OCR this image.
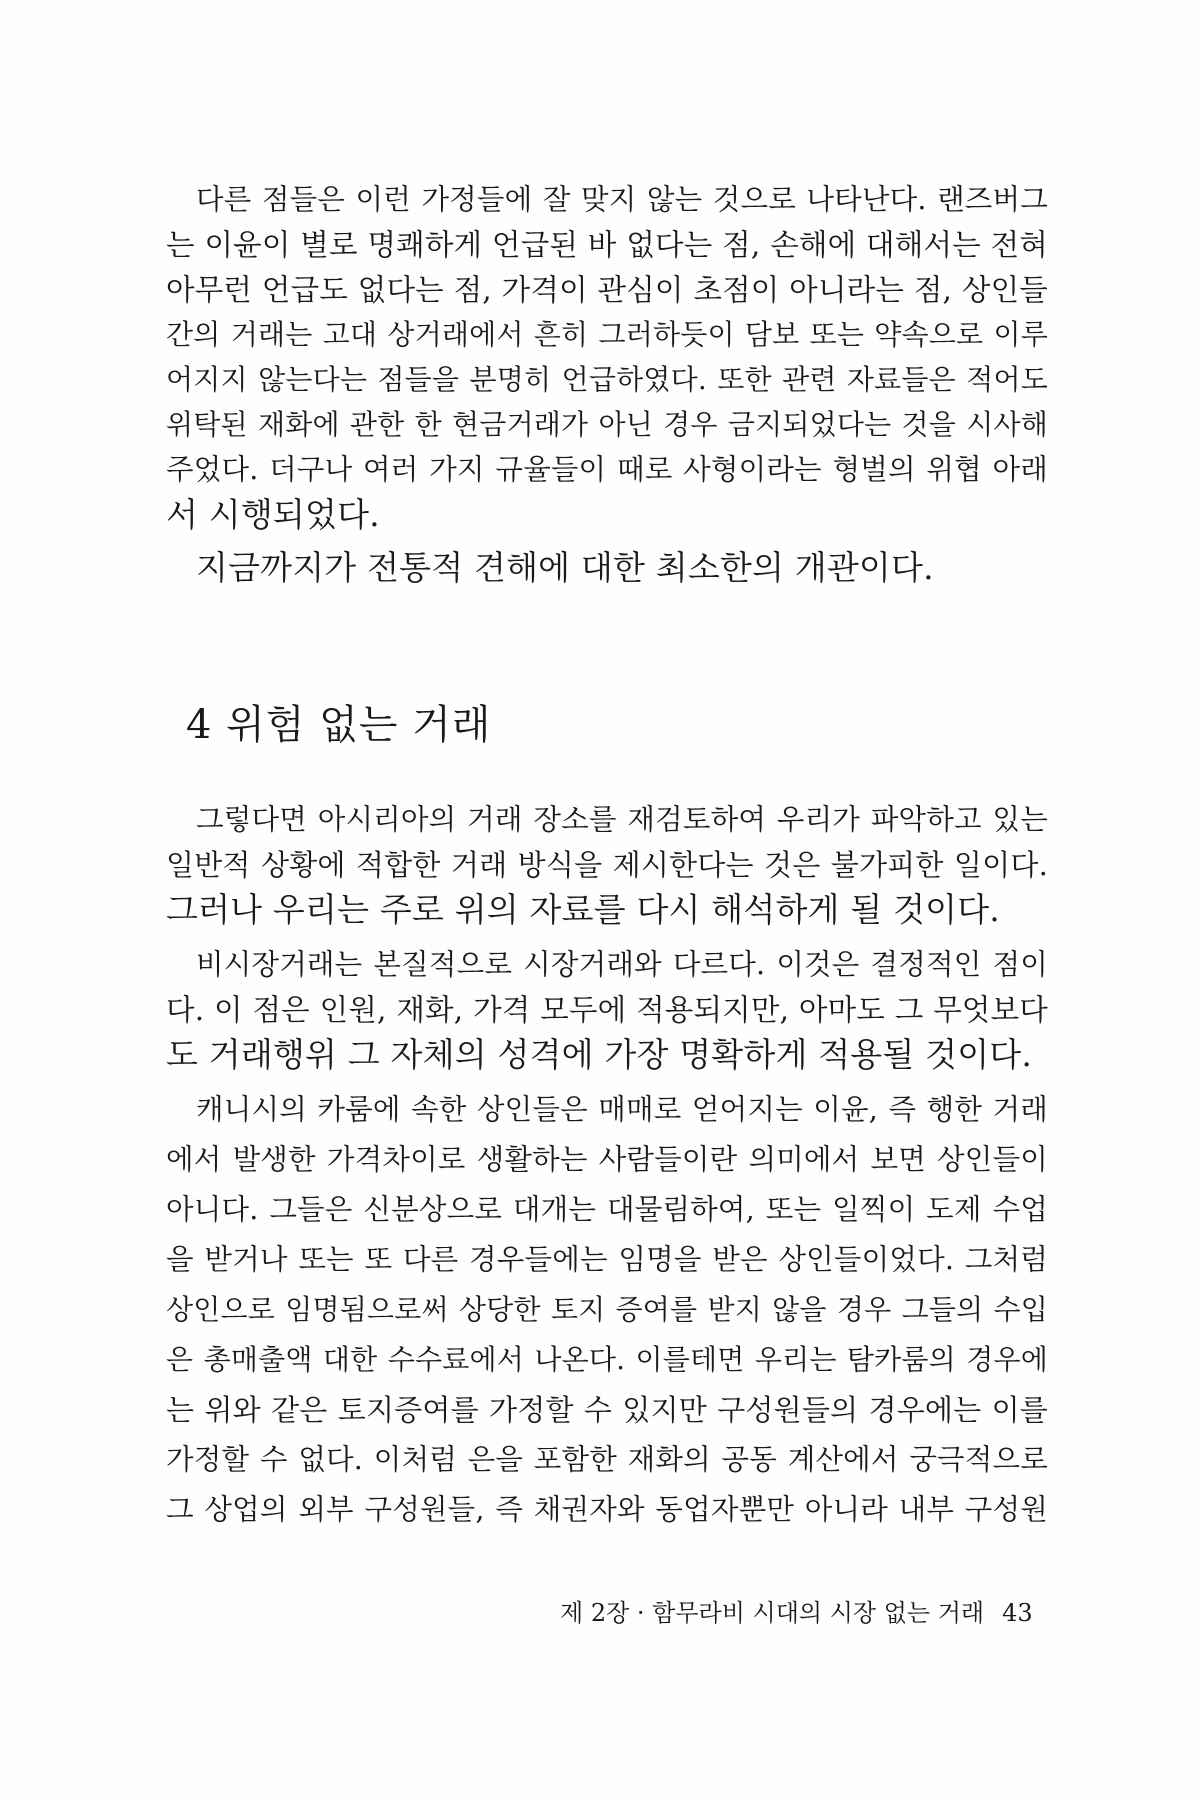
다른 점들은 이런 가정들에 잘 맞지 않는 것으로 나타난다. 랜즈버그
는 이윤이 별로 명쾌하게 언급된 바 없다는 점, 손해에 대해서는 전혀
아무런 언급도 없다는 점, 가격이 관심이 초점이 아니라는 점, 상인들
간의 거래는 고대 상거래에서 흔히 그러하듯이 담보 또는 약속으로 이루
어지지 않는다는 점들을 분명히 언급하였다. 또한 관련 자료들은 적어도
위탁된 재화에 관한 한 현금거래가 아닌 경우 금지되었다는 것을 시사해
주었다. 더구나 여러 가지 규율들이 때로 사형이라는 형벌의 위협 아래
서 시행되었다.
지금까지가 전통적 견해에 대한 최소한의 개관이다.
4 위험 없는 거래
그렇다면 아시리아의 거래 장소를 재검토하여 우리가 파악하고 있는
일반적 상황에 적합한 거래 방식을 제시한다는 것은 불가피한 일이다.
그러나 우리는 주로 위의 자료를 다시 해석하게 될 것이다.
비시장거래는 본질적으로 시장거래와 다르다. 이것은 결정적인 점이
다. 이 점은 인원, 재화, 가격 모두에 적용되지만, 아마도 그 무엇보다
도 거래행위 그 자체의 성격에 가장 명확하게 적용될 것이다.
캐니시의 카룸에 속한 상인들은 매매로 얻어지는 이윤, 즉 행한 거래
에서 발생한 가격차이로 생활하는 사람들이란 의미에서 보면 상인들이
아니다. 그들은 신분상으로 대개는 대물림하여, 또는 일찍이 도제 수업
을 받거나 또는 또 다른 경우들에는 임명을 받은 상인들이었다. 그처럼
상인으로 임명됨으로써 상당한 토지 증여를 받지 않을 경우 그들의 수입
은 총매출액 대한 수수료에서 나온다. 이를테면 우리는 탐카룸의 경우에
는 위와 같은 토지증여를 가정할 수 있지만 구성원들의 경우에는 이를
가정할 수 없다. 이처럼 은을 포함한 재화의 공동 계산에서 궁극적으로
그 상업의 외부 구성원들, 즉 채권자와 동업자뿐만 아니라 내부 구성원
제 2장 · 함무라비 시대의 시장 없는 거래 43
